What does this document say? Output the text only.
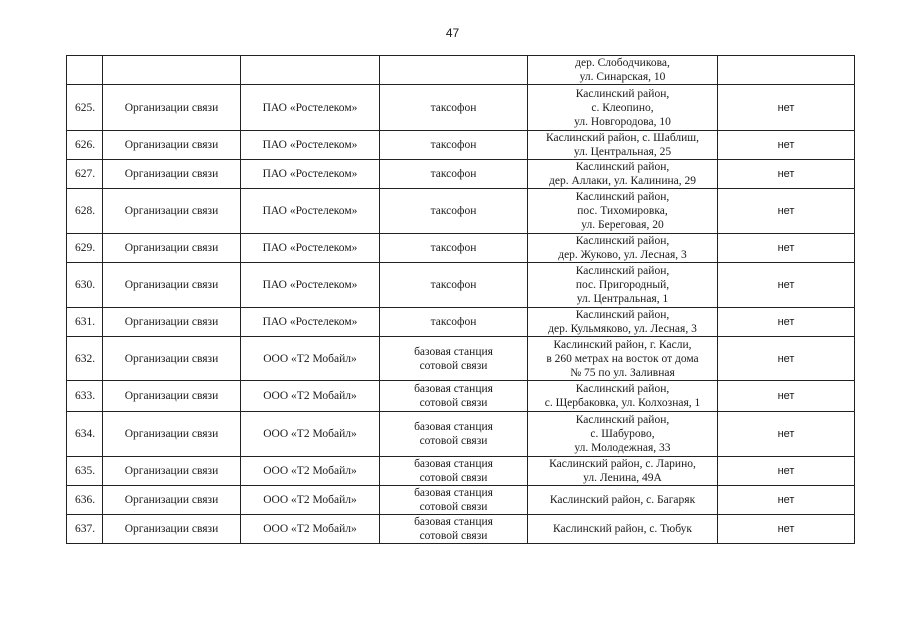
47
				дер. Слободчикова,
ул. Синарская, 10	
625.	Организации связи	ПАО «Ростелеком»	таксофон	Каслинский район,
с. Клеопино,
ул. Новгородова, 10	нет
626.	Организации связи	ПАО «Ростелеком»	таксофон	Каслинский район, с. Шаблиш,
ул. Центральная, 25	нет
627.	Организации связи	ПАО «Ростелеком»	таксофон	Каслинский район,
дер. Аллаки, ул. Калинина, 29	нет
628.	Организации связи	ПАО «Ростелеком»	таксофон	Каслинский район,
пос. Тихомировка,
ул. Береговая, 20	нет
629.	Организации связи	ПАО «Ростелеком»	таксофон	Каслинский район,
дер. Жуково, ул. Лесная, 3	нет
630.	Организации связи	ПАО «Ростелеком»	таксофон	Каслинский район,
пос. Пригородный,
ул. Центральная, 1	нет
631.	Организации связи	ПАО «Ростелеком»	таксофон	Каслинский район,
дер. Кульмяково, ул. Лесная, 3	нет
632.	Организации связи	ООО «Т2 Мобайл»	базовая станция
сотовой связи	Каслинский район, г. Касли,
в 260 метрах на восток от дома
№ 75 по ул. Заливная	нет
633.	Организации связи	ООО «Т2 Мобайл»	базовая станция
сотовой связи	Каслинский район,
с. Щербаковка, ул. Колхозная, 1	нет
634.	Организации связи	ООО «Т2 Мобайл»	базовая станция
сотовой связи	Каслинский район,
с. Шабурово,
ул. Молодежная, 33	нет
635.	Организации связи	ООО «Т2 Мобайл»	базовая станция
сотовой связи	Каслинский район, с. Ларино,
ул. Ленина, 49А	нет
636.	Организации связи	ООО «Т2 Мобайл»	базовая станция
сотовой связи	Каслинский район, с. Багаряк	нет
637.	Организации связи	ООО «Т2 Мобайл»	базовая станция
сотовой связи	Каслинский район, с. Тюбук	нет
